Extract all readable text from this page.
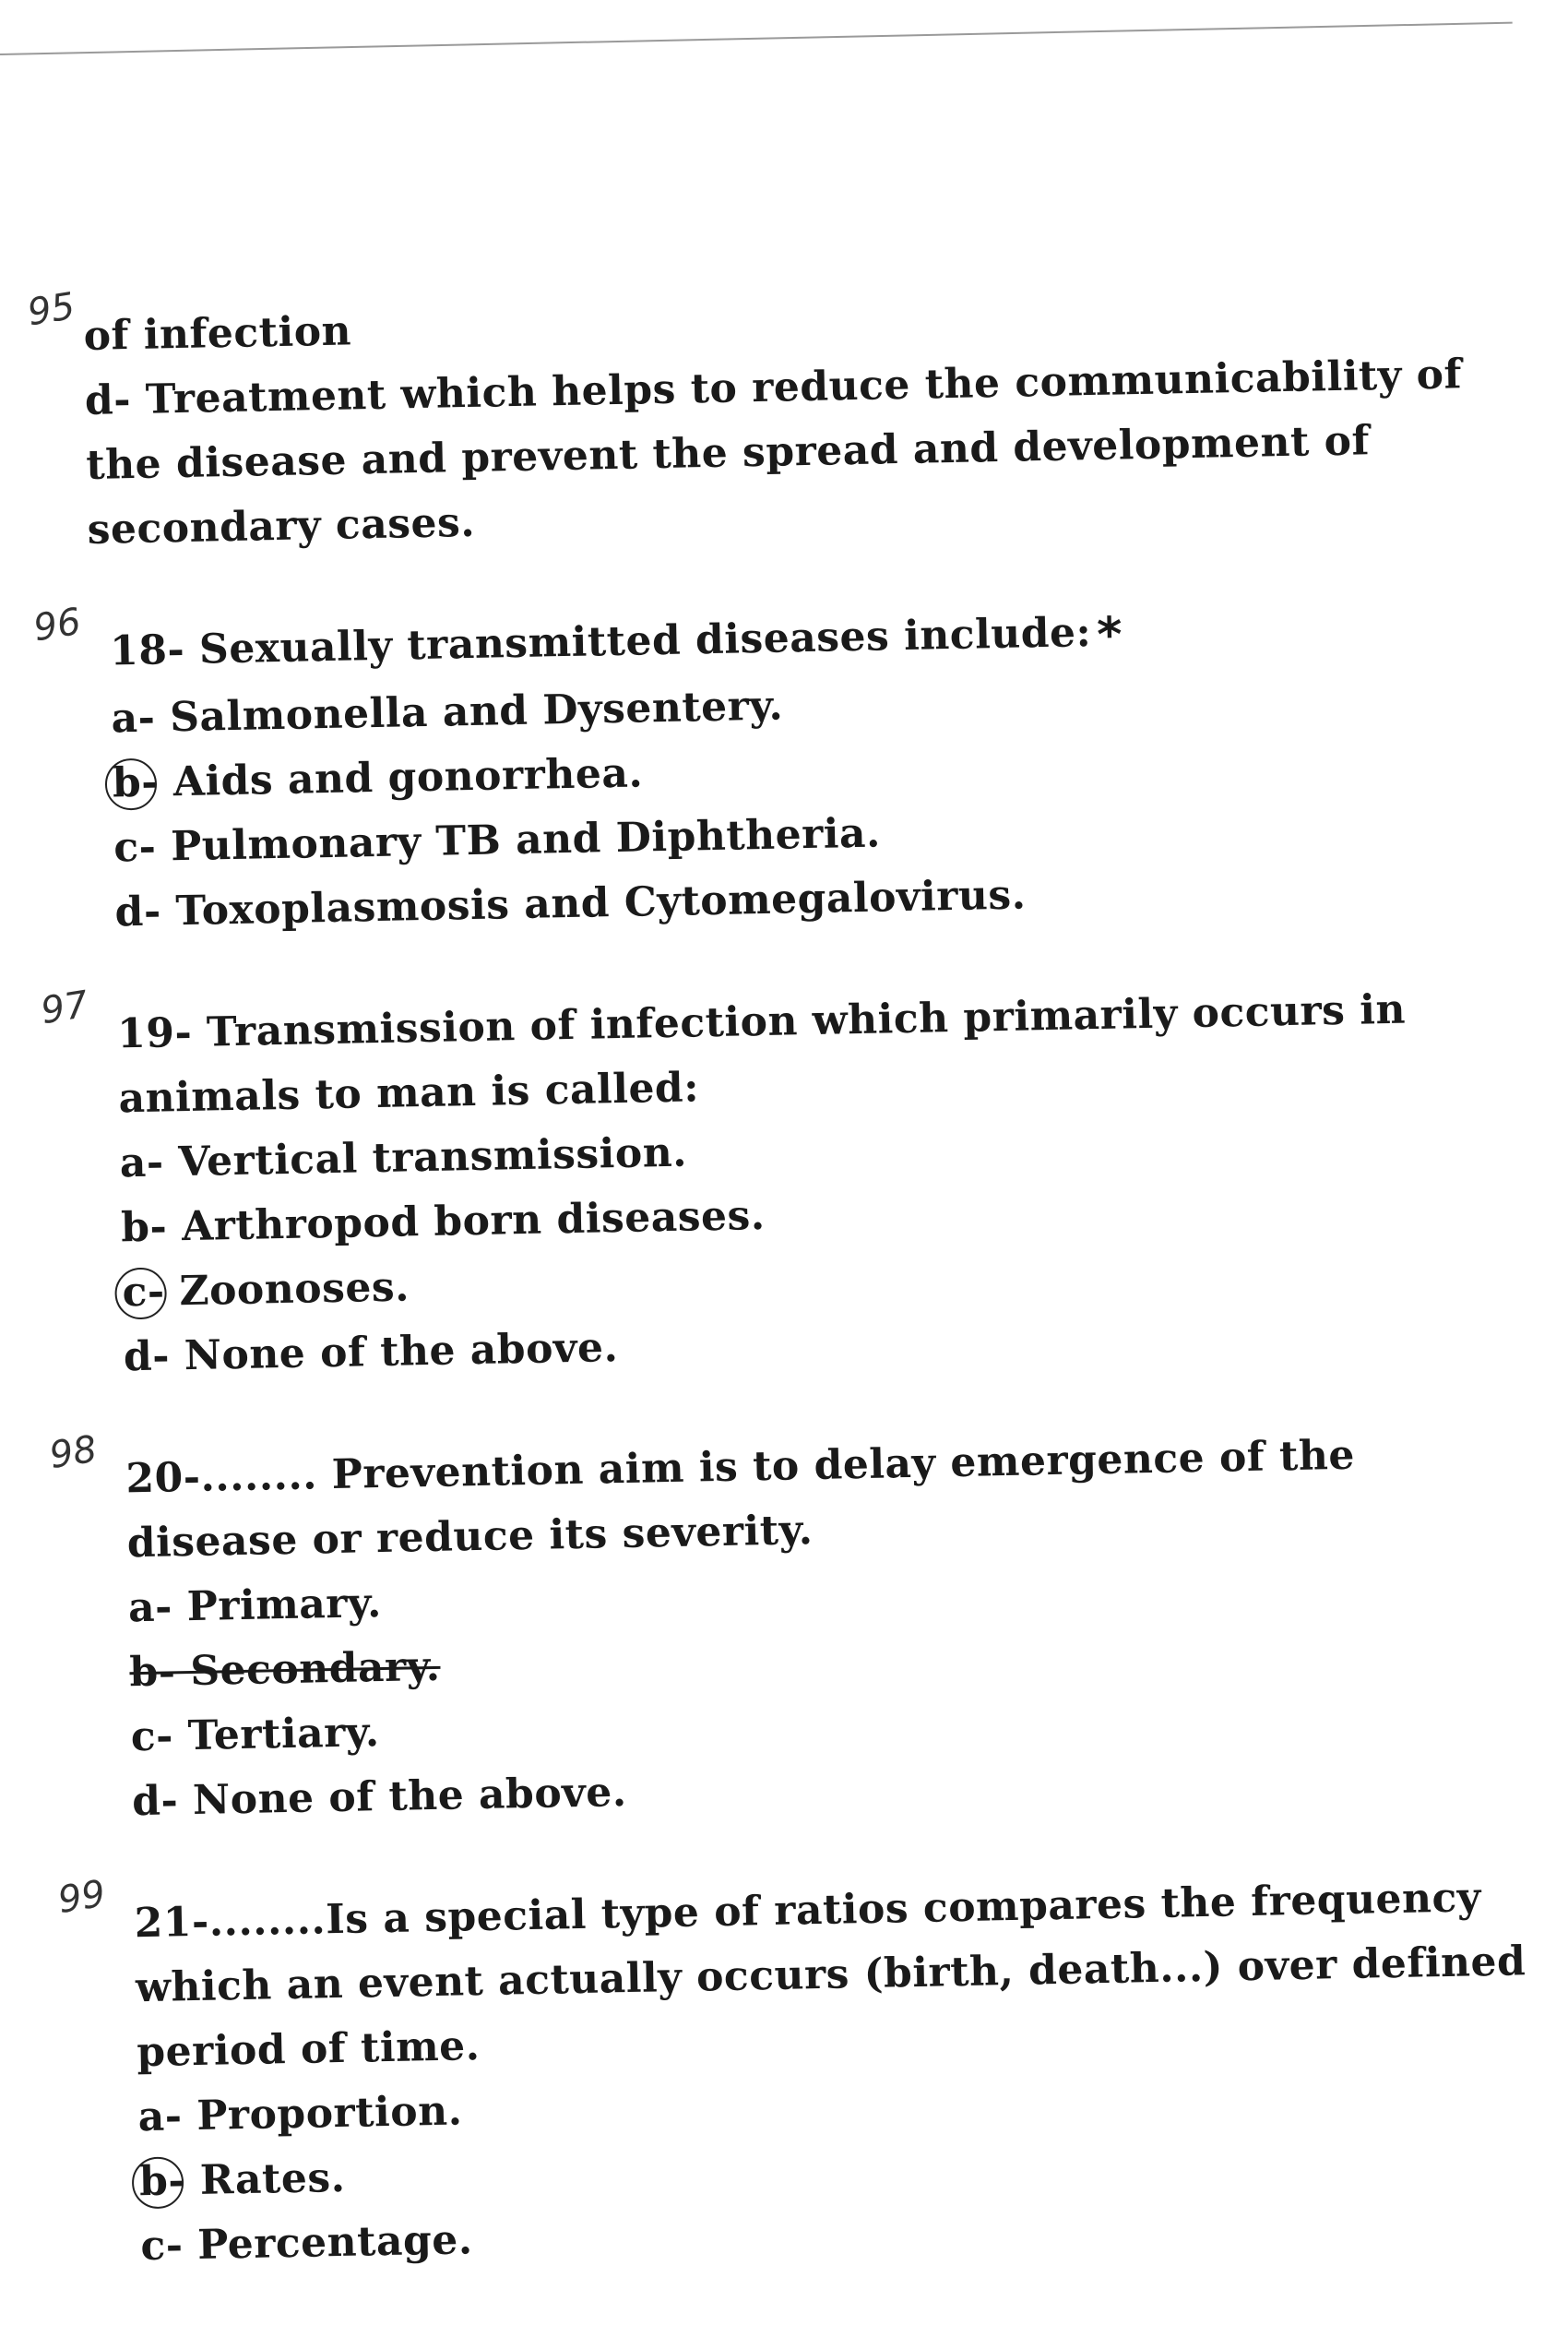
95 of infection
d- Treatment which helps to reduce the communicability of
the disease and prevent the spread and development of
secondary cases.
96 18- Sexually transmitted diseases include:*
a- Salmonella and Dysentery.
b- Aids and gonorrhea.
c- Pulmonary TB and Diphtheria.
d- Toxoplasmosis and Cytomegalovirus.
97 19- Transmission of infection which primarily occurs in
animals to man is called:
a- Vertical transmission.
b- Arthropod born diseases.
c- Zoonoses.
d- None of the above.
98 20-........ Prevention aim is to delay emergence of the
disease or reduce its severity.
a- Primary.
b- Secondary.
c- Tertiary.
d- None of the above.
99 21-........Is a special type of ratios compares the frequency
which an event actually occurs (birth, death...) over defined
period of time.
a- Proportion.
b- Rates.
c- Percentage.
